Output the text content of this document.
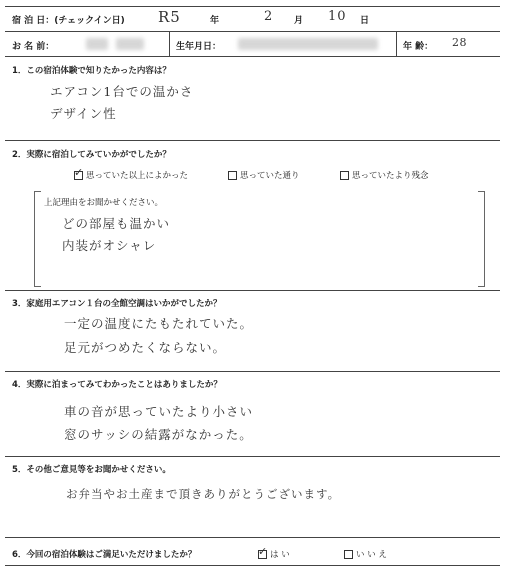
宿 泊 日：(チェックイン日) R5	年	2 月 10 日
お 名 前：	生年月日：	年 齢： 28
1．この宿泊体験で知りたかった内容は？
エアコン1台での温かさ
デザイン性
2．実際に宿泊してみていかがでしたか？
✓
思っていた以上によかった	思っていた通り	思っていたより残念
上記理由をお聞かせください。
どの部屋も温かい
内装がオシャレ
3．家庭用エアコン１台の全館空調はいかがでしたか？
一定の温度にたもたれていた。
足元がつめたくならない。
4．実際に泊まってみてわかったことはありましたか？
車の音が思っていたより小さい
窓のサッシの結露がなかった。
5．その他ご意見等をお聞かせください。
お弁当やお土産まで頂きありがとうございます。
6．今回の宿泊体験はご満足いただけましたか？
✓	は い	い い え
